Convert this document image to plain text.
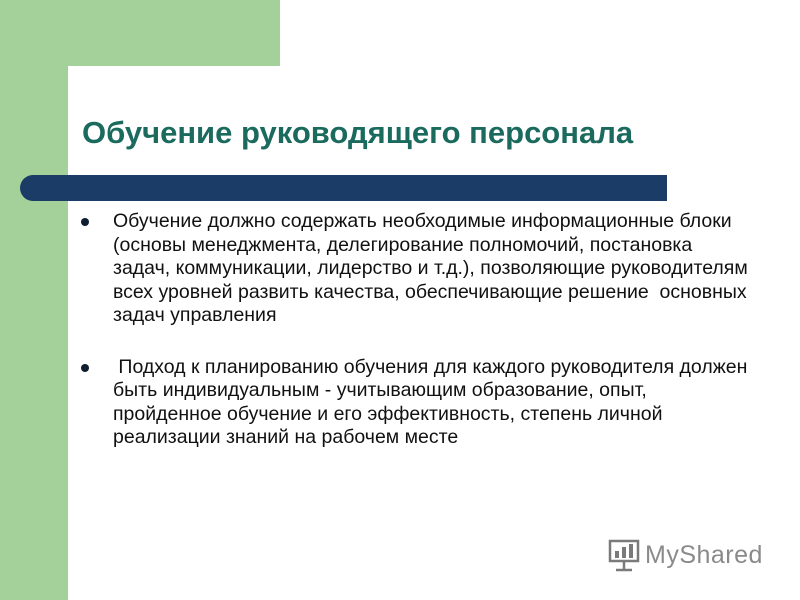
Обучение руководящего персонала
Обучение должно содержать необходимые информационные блоки (основы менеджмента, делегирование полномочий, постановка задач, коммуникации, лидерство и т.д.), позволяющие руководителям всех уровней развить качества, обеспечивающие решение  основных задач управления
Подход к планированию обучения для каждого руководителя должен быть индивидуальным - учитывающим образование, опыт, пройденное обучение и его эффективность, степень личной реализации знаний на рабочем месте
MyShared
